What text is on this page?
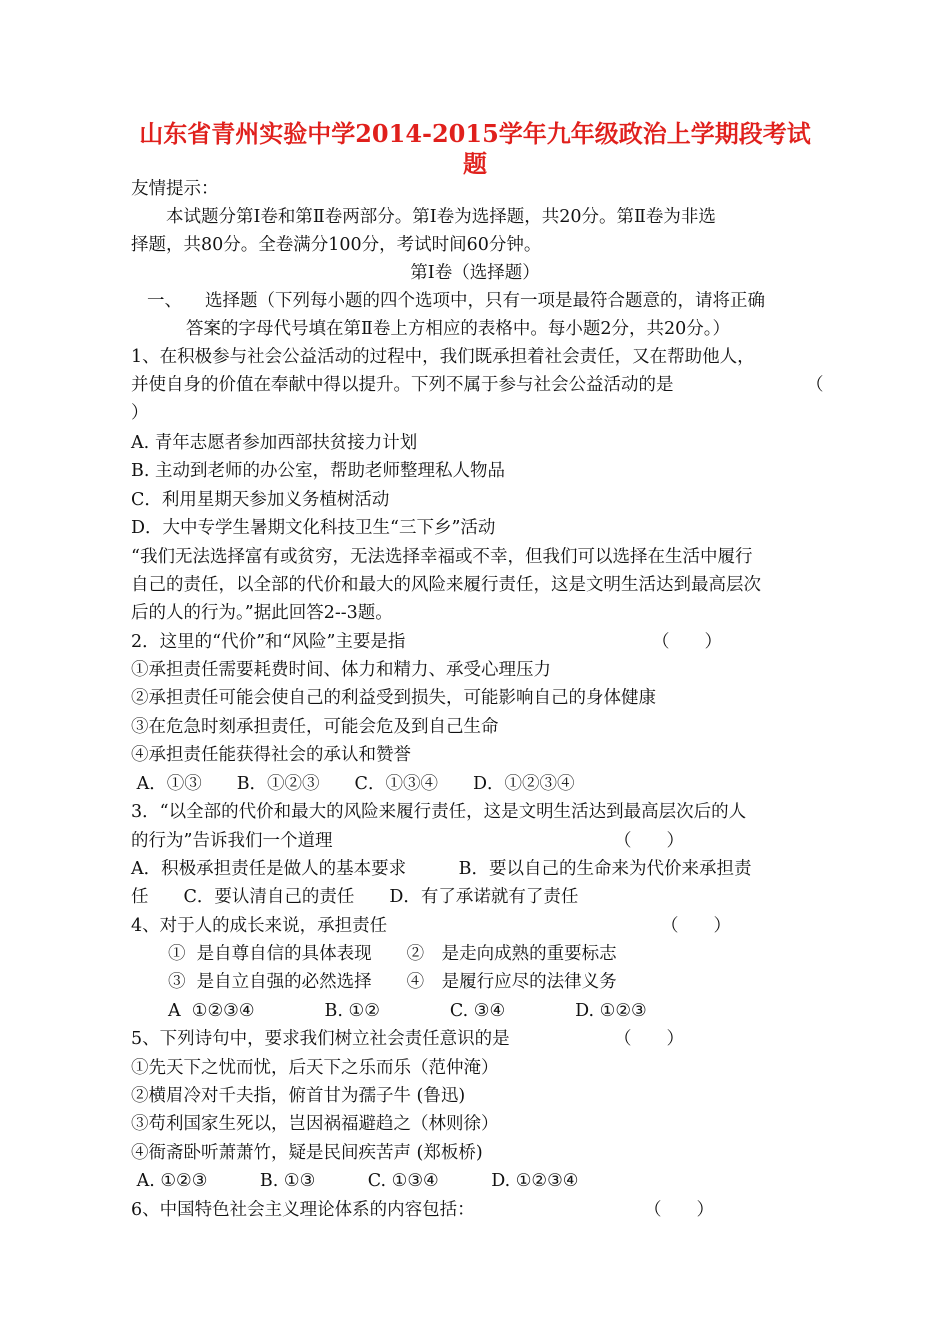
山东省青州实验中学2014-2015学年九年级政治上学期段考试
题
友情提示：
本试题分第Ⅰ卷和第Ⅱ卷两部分。第Ⅰ卷为选择题，共20分。第Ⅱ卷为非选
择题，共80分。全卷满分100分，考试时间60分钟。
第Ⅰ卷（选择题）
一、 选择题（下列每小题的四个选项中，只有一项是最符合题意的，请将正确
答案的字母代号填在第Ⅱ卷上方相应的表格中。每小题2分，共20分。）
1、在积极参与社会公益活动的过程中，我们既承担着社会责任，又在帮助他人，
并使自身的价值在奉献中得以提升。下列不属于参与社会公益活动的是	（
）
A. 青年志愿者参加西部扶贫接力计划
B. 主动到老师的办公室，帮助老师整理私人物品
C．利用星期天参加义务植树活动
D．大中专学生暑期文化科技卫生“三下乡”活动
“我们无法选择富有或贫穷，无法选择幸福或不幸，但我们可以选择在生活中履行
自己的责任，以全部的代价和最大的风险来履行责任，这是文明生活达到最高层次
后的人的行为。”据此回答2--3题。
2．这里的“代价”和“风险”主要是指	（　　）
①承担责任需要耗费时间、体力和精力、承受心理压力
②承担责任可能会使自己的利益受到损失，可能影响自己的身体健康
③在危急时刻承担责任，可能会危及到自己生命
④承担责任能获得社会的承认和赞誉
A．①③　　B．①②③　　C．①③④　　D．①②③④
3．“以全部的代价和最大的风险来履行责任，这是文明生活达到最高层次后的人
的行为”告诉我们一个道理	（　　）
A．积极承担责任是做人的基本要求　　　B．要以自己的生命来为代价来承担责
任　　C．要认清自己的责任　　D．有了承诺就有了责任
4、对于人的成长来说，承担责任	（　　）
①  是自尊自信的具体表现　　②　是走向成熟的重要标志
③  是自立自强的必然选择　　④　是履行应尽的法律义务
A  ①②③④　　　　B. ①②　　　　C. ③④　　　　D. ①②③
5、下列诗句中，要求我们树立社会责任意识的是	（　　）
①先天下之忧而忧，后天下之乐而乐（范仲淹）
②横眉冷对千夫指，俯首甘为孺子牛 (鲁迅)
③苟利国家生死以，岂因祸福避趋之（林则徐）
④衙斋卧听萧萧竹，疑是民间疾苦声 (郑板桥)
A. ①②③　　　B. ①③　　　C. ①③④　　　D. ①②③④
6、中国特色社会主义理论体系的内容包括：	（　　）
